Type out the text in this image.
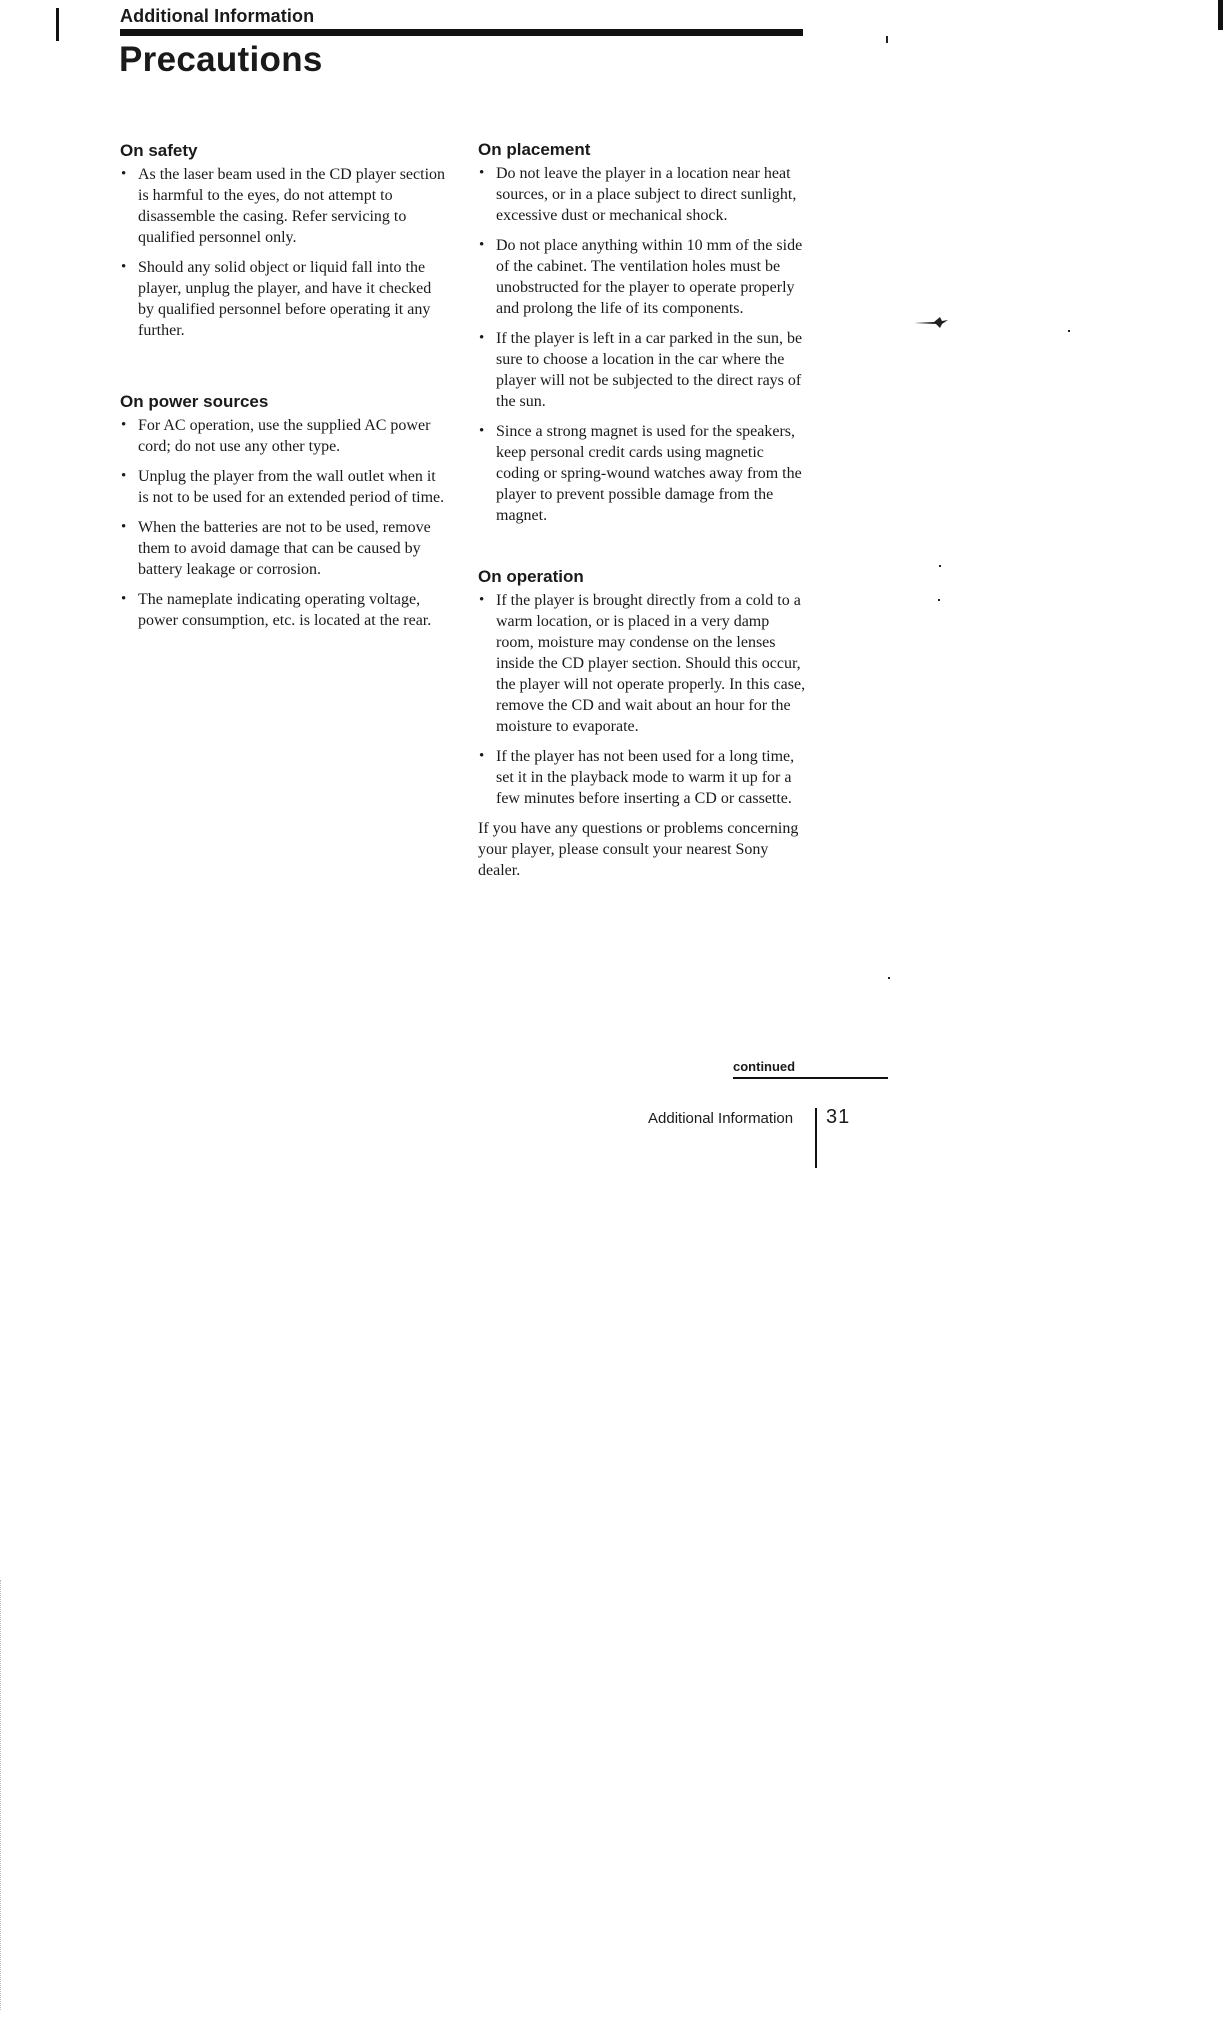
Additional Information
Precautions
On safety
• As the laser beam used in the CD player section is harmful to the eyes, do not attempt to disassemble the casing. Refer servicing to qualified personnel only.
• Should any solid object or liquid fall into the player, unplug the player, and have it checked by qualified personnel before operating it any further.
On power sources
• For AC operation, use the supplied AC power cord; do not use any other type.
• Unplug the player from the wall outlet when it is not to be used for an extended period of time.
• When the batteries are not to be used, remove them to avoid damage that can be caused by battery leakage or corrosion.
• The nameplate indicating operating voltage, power consumption, etc. is located at the rear.
On placement
• Do not leave the player in a location near heat sources, or in a place subject to direct sunlight, excessive dust or mechanical shock.
• Do not place anything within 10 mm of the side of the cabinet. The ventilation holes must be unobstructed for the player to operate properly and prolong the life of its components.
• If the player is left in a car parked in the sun, be sure to choose a location in the car where the player will not be subjected to the direct rays of the sun.
• Since a strong magnet is used for the speakers, keep personal credit cards using magnetic coding or spring-wound watches away from the player to prevent possible damage from the magnet.
On operation
• If the player is brought directly from a cold to a warm location, or is placed in a very damp room, moisture may condense on the lenses inside the CD player section. Should this occur, the player will not operate properly. In this case, remove the CD and wait about an hour for the moisture to evaporate.
• If the player has not been used for a long time, set it in the playback mode to warm it up for a few minutes before inserting a CD or cassette.

If you have any questions or problems concerning your player, please consult your nearest Sony dealer.

continued
Additional Information 31
